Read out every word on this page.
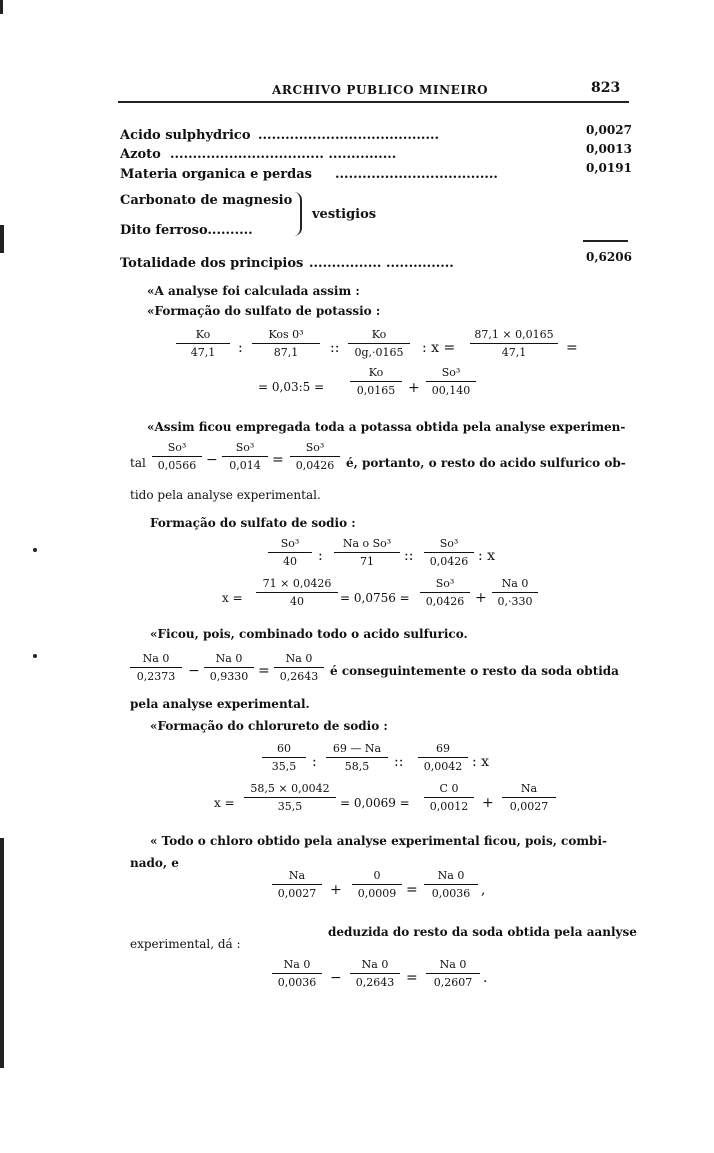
ARCHIVO PUBLICO MINEIRO	823
Acido sulphydrico ........................................	0,0027
Azoto .................................. ...............	0,0013
Materia organica e perdas ....................................	0,0191
Carbonato de magnesio
Dito ferroso..........
vestigios
Totalidade dos principios ................ ...............	0,6206
«A analyse foi calculada assim :
«Formação do sulfato de potassio :
Ko
47,1	:
Kos 0³
87,1	::
Ko
0g,·0165	: x =
87,1 × 0,0165
47,1	=
= 0,03:5 =
Ko
0,0165 +
So³
00,140
«Assim ficou empregada toda a potassa obtida pela analyse experimen-
tal
So³
0,0566 −
So³
0,014 =
So³
0,0426 é, portanto, o resto do acido sulfurico ob-
tido pela analyse experimental.
Formação do sulfato de sodio :
So³
40	:
Na o So³
71	::
So³
0,0426 : x
x =
71 × 0,0426
40	= 0,0756 =
So³
0,0426 +
Na 0
0,·330
«Ficou, pois, combinado todo o acido sulfurico.
Na 0
0,2373 −
Na 0
0,9330 =
Na 0
0,2643 é conseguintemente o resto da soda obtida
pela analyse experimental.
«Formação do chlorureto de sodio :
60
35,5	:
69 — Na
58,5	::
69
0,0042 : x
x =
58,5 × 0,0042
35,5	= 0,0069 =
C 0
0,0012 +
Na
0,0027
« Todo o chloro obtido pela analyse experimental ficou, pois, combi-
nado, e
Na
0,0027 +
0
0,0009 =
Na 0
0,0036 ,
deduzida do resto da soda obtida pela aanlyse
experimental, dá :
Na 0
0,0036 −
Na 0
0,2643 =
Na 0
0,2607 .
